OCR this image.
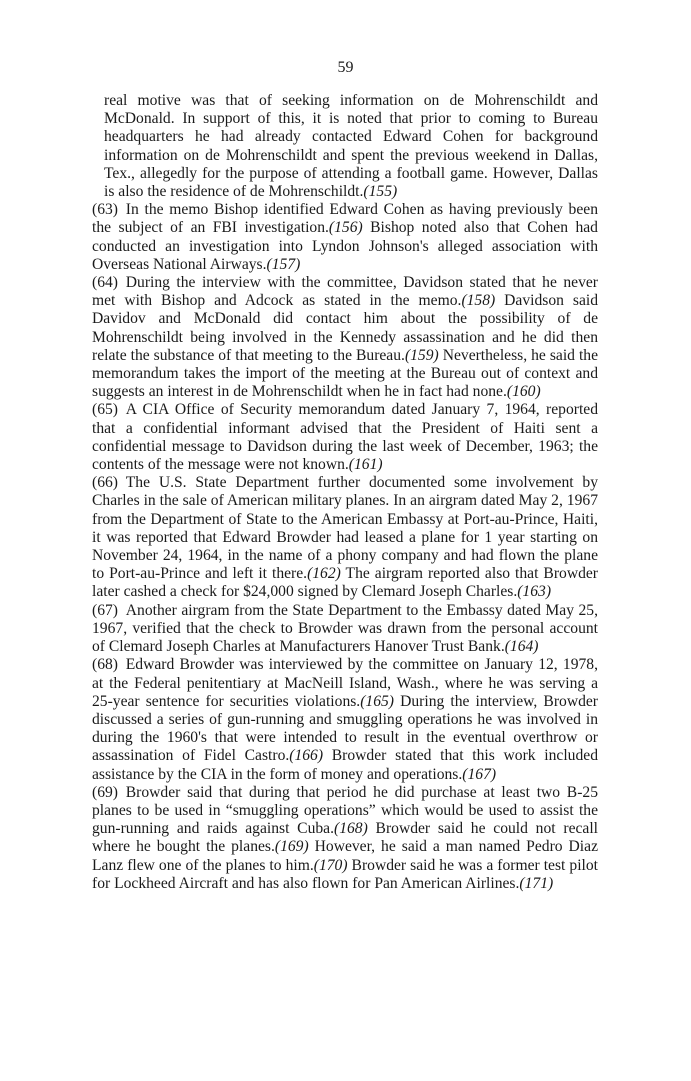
59

real motive was that of seeking information on de Mohrenschildt and McDonald. In support of this, it is noted that prior to coming to Bureau headquarters he had already contacted Edward Cohen for background information on de Mohrenschildt and spent the previous weekend in Dallas, Tex., allegedly for the purpose of attending a football game. However, Dallas is also the residence of de Mohrenschildt.(155)

(63)  In the memo Bishop identified Edward Cohen as having previously been the subject of an FBI investigation.(156) Bishop noted also that Cohen had conducted an investigation into Lyndon Johnson's alleged association with Overseas National Airways.(157)

(64)  During the interview with the committee, Davidson stated that he never met with Bishop and Adcock as stated in the memo.(158) Davidson said Davidov and McDonald did contact him about the possibility of de Mohrenschildt being involved in the Kennedy assassination and he did then relate the substance of that meeting to the Bureau.(159) Nevertheless, he said the memorandum takes the import of the meeting at the Bureau out of context and suggests an interest in de Mohrenschildt when he in fact had none.(160)

(65)  A CIA Office of Security memorandum dated January 7, 1964, reported that a confidential informant advised that the President of Haiti sent a confidential message to Davidson during the last week of December, 1963; the contents of the message were not known.(161)

(66)  The U.S. State Department further documented some involvement by Charles in the sale of American military planes. In an airgram dated May 2, 1967 from the Department of State to the American Embassy at Port-au-Prince, Haiti, it was reported that Edward Browder had leased a plane for 1 year starting on November 24, 1964, in the name of a phony company and had flown the plane to Port-au-Prince and left it there.(162) The airgram reported also that Browder later cashed a check for $24,000 signed by Clemard Joseph Charles.(163)

(67)  Another airgram from the State Department to the Embassy dated May 25, 1967, verified that the check to Browder was drawn from the personal account of Clemard Joseph Charles at Manufacturers Hanover Trust Bank.(164)

(68)  Edward Browder was interviewed by the committee on January 12, 1978, at the Federal penitentiary at MacNeill Island, Wash., where he was serving a 25-year sentence for securities violations.(165) During the interview, Browder discussed a series of gun-running and smuggling operations he was involved in during the 1960's that were intended to result in the eventual overthrow or assassination of Fidel Castro.(166) Browder stated that this work included assistance by the CIA in the form of money and operations.(167)

(69)  Browder said that during that period he did purchase at least two B-25 planes to be used in “smuggling operations” which would be used to assist the gun-running and raids against Cuba.(168) Browder said he could not recall where he bought the planes.(169) However, he said a man named Pedro Diaz Lanz flew one of the planes to him.(170) Browder said he was a former test pilot for Lockheed Aircraft and has also flown for Pan American Airlines.(171)
